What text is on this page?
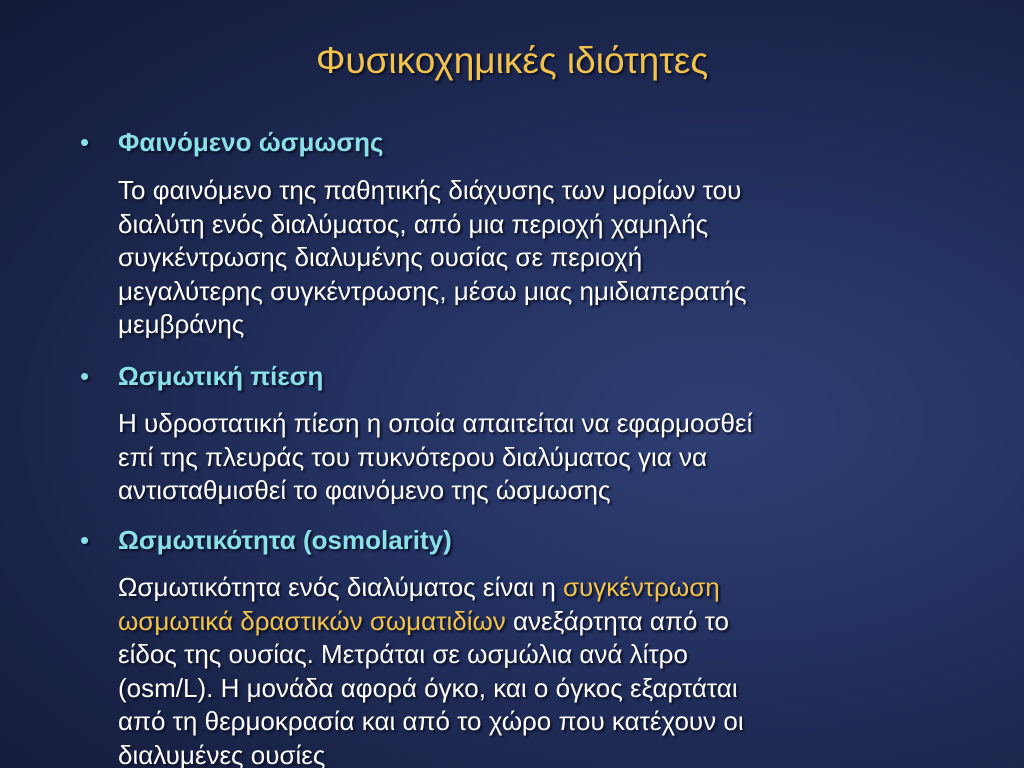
Φυσικοχημικές ιδιότητες
• Φαινόμενο ώσμωσης
Το φαινόμενο της παθητικής διάχυσης των μορίων του
διαλύτη ενός διαλύματος, από μια περιοχή χαμηλής
συγκέντρωσης διαλυμένης ουσίας σε περιοχή
μεγαλύτερης συγκέντρωσης, μέσω μιας ημιδιαπερατής
μεμβράνης
• Ωσμωτική πίεση
Η υδροστατική πίεση η οποία απαιτείται να εφαρμοσθεί
επί της πλευράς του πυκνότερου διαλύματος για να
αντισταθμισθεί το φαινόμενο της ώσμωσης
• Ωσμωτικότητα (osmolarity)
Ωσμωτικότητα ενός διαλύματος είναι η συγκέντρωση
ωσμωτικά δραστικών σωματιδίων ανεξάρτητα από το
είδος της ουσίας. Μετράται σε ωσμώλια ανά λίτρο
(osm/L). Η μονάδα αφορά όγκο, και ο όγκος εξαρτάται
από τη θερμοκρασία και από το χώρο που κατέχουν οι
διαλυμένες ουσίες
